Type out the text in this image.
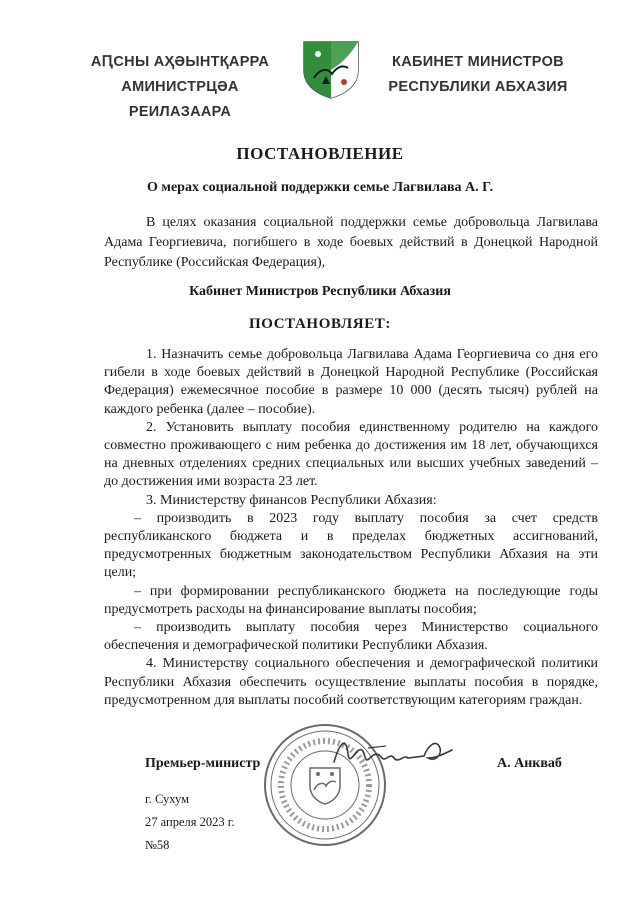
АԤСНЫ АҲӘЫНТҚАРРА
АМИНИСТРЦӘА РЕИЛАЗААРА
КАБИНЕТ МИНИСТРОВ
РЕСПУБЛИКИ АБХАЗИЯ
ПОСТАНОВЛЕНИЕ
О мерах социальной поддержки семье Лагвилава А. Г.
В целях оказания социальной поддержки семье добровольца Лагвилава Адама Георгиевича, погибшего в ходе боевых действий в Донецкой Народной Республике (Российская Федерация),
Кабинет Министров Республики Абхазия
ПОСТАНОВЛЯЕТ:

1. Назначить семье добровольца Лагвилава Адама Георгиевича со дня его гибели в ходе боевых действий в Донецкой Народной Республике (Российская Федерация) ежемесячное пособие в размере 10 000 (десять тысяч) рублей на каждого ребенка (далее – пособие).

2. Установить выплату пособия единственному родителю на каждого совместно проживающего с ним ребенка до достижения им 18 лет, обучающихся на дневных отделениях средних специальных или высших учебных заведений – до достижения ими возраста 23 лет.

3. Министерству финансов Республики Абхазия:

– производить в 2023 году выплату пособия за счет средств республиканского бюджета и в пределах бюджетных ассигнований, предусмотренных бюджетным законодательством Республики Абхазия на эти цели;

– при формировании республиканского бюджета на последующие годы предусмотреть расходы на финансирование выплаты пособия;

– производить выплату пособия через Министерство социального обеспечения и демографической политики Республики Абхазия.

4. Министерству социального обеспечения и демографической политики Республики Абхазия обеспечить осуществление выплаты пособия в порядке, предусмотренном для выплаты пособий соответствующим категориям граждан.

Премьер-министр	А. Анкваб
г. Сухум
27 апреля 2023 г.
№58
